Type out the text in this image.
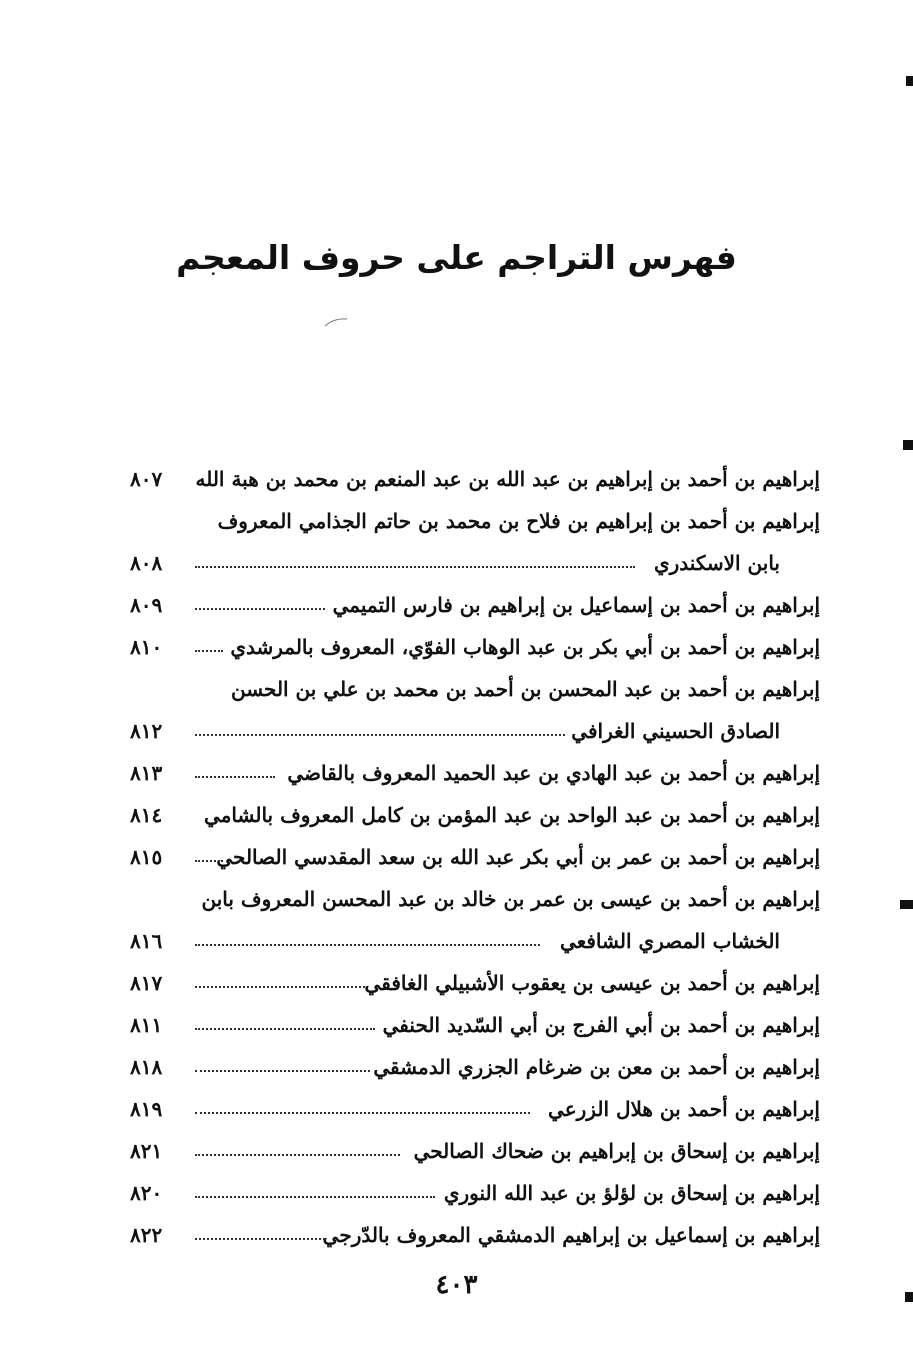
فهرس التراجم على حروف المعجم
إبراهيم بن أحمد بن إبراهيم بن عبد الله بن عبد المنعم بن محمد بن هبة الله
٨٠٧
إبراهيم بن أحمد بن إبراهيم بن فلاح بن محمد بن حاتم الجذامي المعروف
بابن الاسكندري
٨٠٨
إبراهيم بن أحمد بن إسماعيل بن إبراهيم بن فارس التميمي
٨٠٩
إبراهيم بن أحمد بن أبي بكر بن عبد الوهاب الفوّي، المعروف بالمرشدي
٨١٠
إبراهيم بن أحمد بن عبد المحسن بن أحمد بن محمد بن علي بن الحسن
الصادق الحسيني الغرافي
٨١٢
إبراهيم بن أحمد بن عبد الهادي بن عبد الحميد المعروف بالقاضي
٨١٣
إبراهيم بن أحمد بن عبد الواحد بن عبد المؤمن بن كامل المعروف بالشامي
٨١٤
إبراهيم بن أحمد بن عمر بن أبي بكر عبد الله بن سعد المقدسي الصالحي
٨١٥
إبراهيم بن أحمد بن عيسى بن عمر بن خالد بن عبد المحسن المعروف بابن
الخشاب المصري الشافعي
٨١٦
إبراهيم بن أحمد بن عيسى بن يعقوب الأشبيلي الغافقي
٨١٧
إبراهيم بن أحمد بن أبي الفرج بن أبي السّديد الحنفي
٨١١
إبراهيم بن أحمد بن معن بن ضرغام الجزري الدمشقي
٨١٨
إبراهيم بن أحمد بن هلال الزرعي
٨١٩
إبراهيم بن إسحاق بن إبراهيم بن ضحاك الصالحي
٨٢١
إبراهيم بن إسحاق بن لؤلؤ بن عبد الله النوري
٨٢٠
إبراهيم بن إسماعيل بن إبراهيم الدمشقي المعروف بالدّرجي
٨٢٢
٤٠٣
